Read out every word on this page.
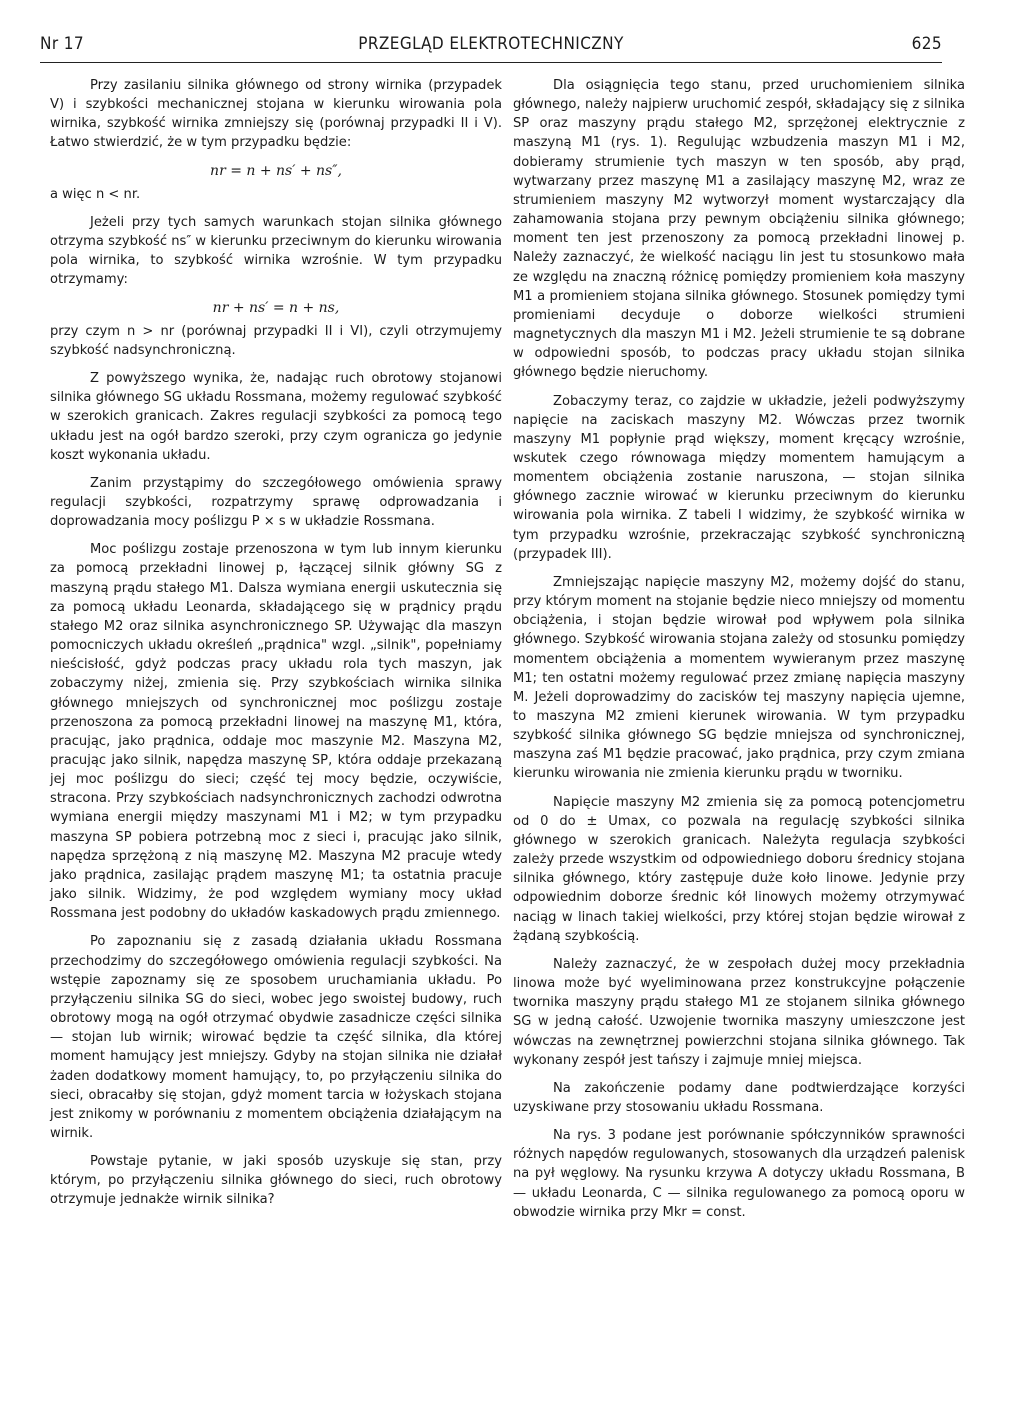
Nr 17	PRZEGLĄD ELEKTROTECHNICZNY	625

Przy zasilaniu silnika głównego od strony wirnika (przypadek V) i szybkości mechanicznej stojana w kierunku wirowania pola wirnika, szybkość wirnika zmniejszy się (porównaj przypadki II i V). Łatwo stwierdzić, że w tym przypadku będzie:

nr = n + ns′ + ns″,

a więc n < nr.

Jeżeli przy tych samych warunkach stojan silnika głównego otrzyma szybkość ns″ w kierunku przeciwnym do kierunku wirowania pola wirnika, to szybkość wirnika wzrośnie. W tym przypadku otrzymamy:

nr + ns′ = n + ns,

przy czym n > nr (porównaj przypadki II i VI), czyli otrzymujemy szybkość nadsynchroniczną.

Z powyższego wynika, że, nadając ruch obrotowy stojanowi silnika głównego SG układu Rossmana, możemy regulować szybkość w szerokich granicach. Zakres regulacji szybkości za pomocą tego układu jest na ogół bardzo szeroki, przy czym ogranicza go jedynie koszt wykonania układu.

Zanim przystąpimy do szczegółowego omówienia sprawy regulacji szybkości, rozpatrzymy sprawę odprowadzania i doprowadzania mocy poślizgu P × s w układzie Rossmana.

Moc poślizgu zostaje przenoszona w tym lub innym kierunku za pomocą przekładni linowej p, łączącej silnik główny SG z maszyną prądu stałego M1. Dalsza wymiana energii uskutecznia się za pomocą układu Leonarda, składającego się w prądnicy prądu stałego M2 oraz silnika asynchronicznego SP. Używając dla maszyn pomocniczych układu określeń „prądnica" wzgl. „silnik", popełniamy nieścisłość, gdyż podczas pracy układu rola tych maszyn, jak zobaczymy niżej, zmienia się. Przy szybkościach wirnika silnika głównego mniejszych od synchronicznej moc poślizgu zostaje przenoszona za pomocą przekładni linowej na maszynę M1, która, pracując, jako prądnica, oddaje moc maszynie M2. Maszyna M2, pracując jako silnik, napędza maszynę SP, która oddaje przekazaną jej moc poślizgu do sieci; część tej mocy będzie, oczywiście, stracona. Przy szybkościach nadsynchronicznych zachodzi odwrotna wymiana energii między maszynami M1 i M2; w tym przypadku maszyna SP pobiera potrzebną moc z sieci i, pracując jako silnik, napędza sprzężoną z nią maszynę M2. Maszyna M2 pracuje wtedy jako prądnica, zasilając prądem maszynę M1; ta ostatnia pracuje jako silnik. Widzimy, że pod względem wymiany mocy układ Rossmana jest podobny do układów kaskadowych prądu zmiennego.

Po zapoznaniu się z zasadą działania układu Rossmana przechodzimy do szczegółowego omówienia regulacji szybkości. Na wstępie zapoznamy się ze sposobem uruchamiania układu. Po przyłączeniu silnika SG do sieci, wobec jego swoistej budowy, ruch obrotowy mogą na ogół otrzymać obydwie zasadnicze części silnika — stojan lub wirnik; wirować będzie ta część silnika, dla której moment hamujący jest mniejszy. Gdyby na stojan silnika nie działał żaden dodatkowy moment hamujący, to, po przyłączeniu silnika do sieci, obracałby się stojan, gdyż moment tarcia w łożyskach stojana jest znikomy w porównaniu z momentem obciążenia działającym na wirnik.

Powstaje pytanie, w jaki sposób uzyskuje się stan, przy którym, po przyłączeniu silnika głównego do sieci, ruch obrotowy otrzymuje jednakże wirnik silnika?

Dla osiągnięcia tego stanu, przed uruchomieniem silnika głównego, należy najpierw uruchomić zespół, składający się z silnika SP oraz maszyny prądu stałego M2, sprzężonej elektrycznie z maszyną M1 (rys. 1). Regulując wzbudzenia maszyn M1 i M2, dobieramy strumienie tych maszyn w ten sposób, aby prąd, wytwarzany przez maszynę M1 a zasilający maszynę M2, wraz ze strumieniem maszyny M2 wytworzył moment wystarczający dla zahamowania stojana przy pewnym obciążeniu silnika głównego; moment ten jest przenoszony za pomocą przekładni linowej p. Należy zaznaczyć, że wielkość naciągu lin jest tu stosunkowo mała ze względu na znaczną różnicę pomiędzy promieniem koła maszyny M1 a promieniem stojana silnika głównego. Stosunek pomiędzy tymi promieniami decyduje o doborze wielkości strumieni magnetycznych dla maszyn M1 i M2. Jeżeli strumienie te są dobrane w odpowiedni sposób, to podczas pracy układu stojan silnika głównego będzie nieruchomy.

Zobaczymy teraz, co zajdzie w układzie, jeżeli podwyższymy napięcie na zaciskach maszyny M2. Wówczas przez twornik maszyny M1 popłynie prąd większy, moment kręcący wzrośnie, wskutek czego równowaga między momentem hamującym a momentem obciążenia zostanie naruszona, — stojan silnika głównego zacznie wirować w kierunku przeciwnym do kierunku wirowania pola wirnika. Z tabeli I widzimy, że szybkość wirnika w tym przypadku wzrośnie, przekraczając szybkość synchroniczną (przypadek III).

Zmniejszając napięcie maszyny M2, możemy dojść do stanu, przy którym moment na stojanie będzie nieco mniejszy od momentu obciążenia, i stojan będzie wirował pod wpływem pola silnika głównego. Szybkość wirowania stojana zależy od stosunku pomiędzy momentem obciążenia a momentem wywieranym przez maszynę M1; ten ostatni możemy regulować przez zmianę napięcia maszyny M. Jeżeli doprowadzimy do zacisków tej maszyny napięcia ujemne, to maszyna M2 zmieni kierunek wirowania. W tym przypadku szybkość silnika głównego SG będzie mniejsza od synchronicznej, maszyna zaś M1 będzie pracować, jako prądnica, przy czym zmiana kierunku wirowania nie zmienia kierunku prądu w tworniku.

Napięcie maszyny M2 zmienia się za pomocą potencjometru od 0 do ± Umax, co pozwala na regulację szybkości silnika głównego w szerokich granicach. Należyta regulacja szybkości zależy przede wszystkim od odpowiedniego doboru średnicy stojana silnika głównego, który zastępuje duże koło linowe. Jedynie przy odpowiednim doborze średnic kół linowych możemy otrzymywać naciąg w linach takiej wielkości, przy której stojan będzie wirował z żądaną szybkością.

Należy zaznaczyć, że w zespołach dużej mocy przekładnia linowa może być wyeliminowana przez konstrukcyjne połączenie twornika maszyny prądu stałego M1 ze stojanem silnika głównego SG w jedną całość. Uzwojenie twornika maszyny umieszczone jest wówczas na zewnętrznej powierzchni stojana silnika głównego. Tak wykonany zespół jest tańszy i zajmuje mniej miejsca.

Na zakończenie podamy dane podtwierdzające korzyści uzyskiwane przy stosowaniu układu Rossmana.

Na rys. 3 podane jest porównanie spółczynników sprawności różnych napędów regulowanych, stosowanych dla urządzeń palenisk na pył węglowy. Na rysunku krzywa A dotyczy układu Rossmana, B — układu Leonarda, C — silnika regulowanego za pomocą oporu w obwodzie wirnika przy Mkr = const.
